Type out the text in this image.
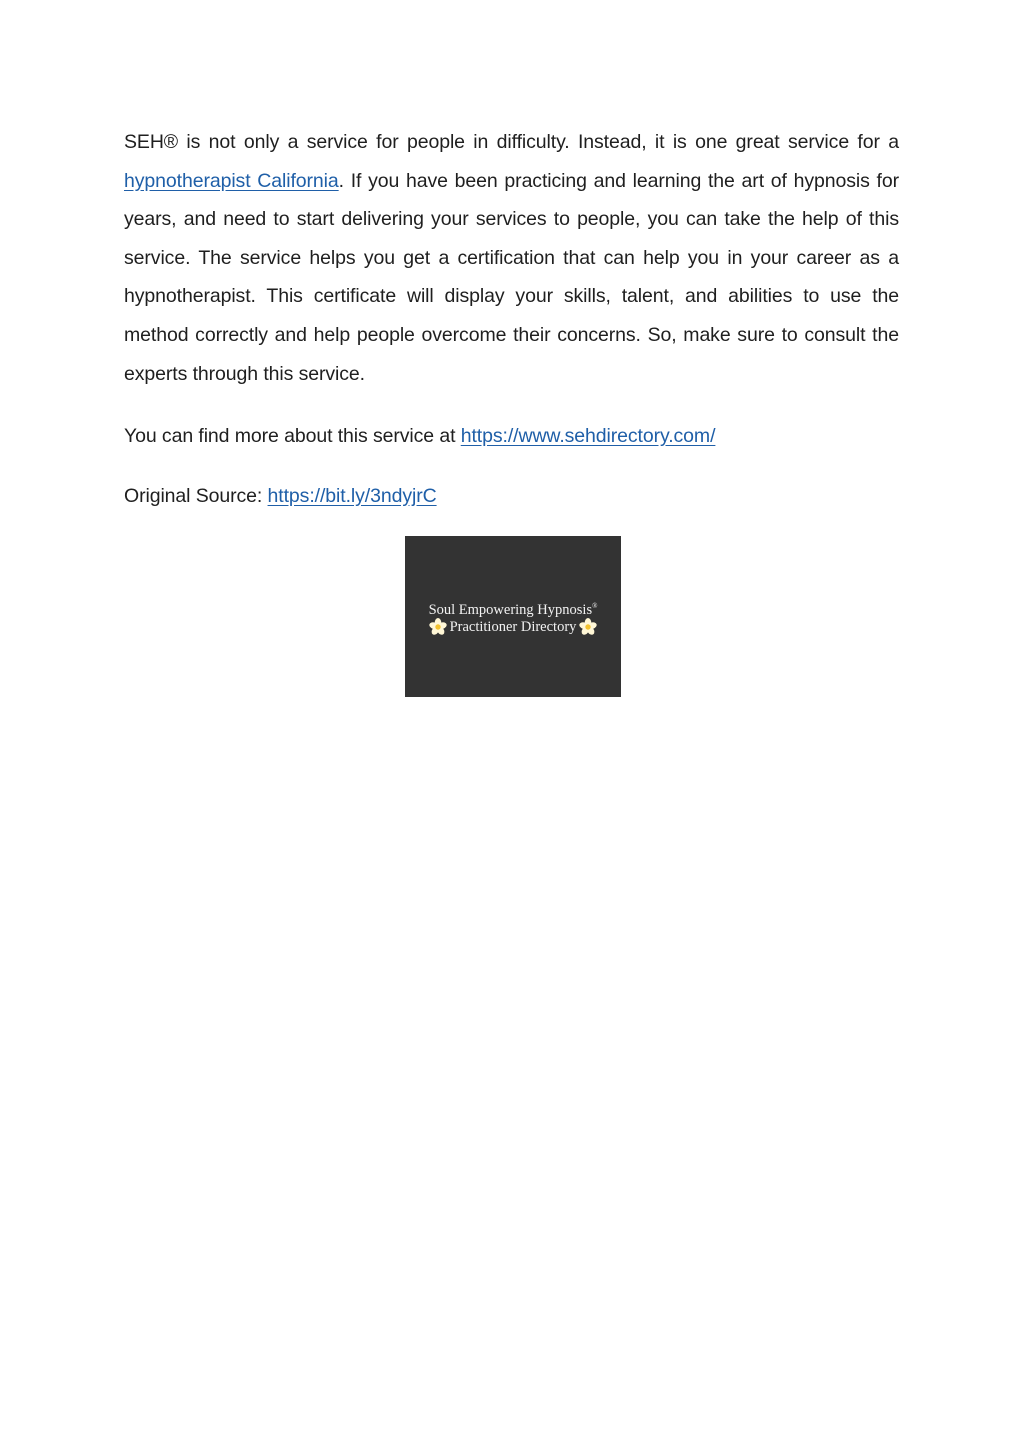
SEH® is not only a service for people in difficulty. Instead, it is one great service for a hypnotherapist California. If you have been practicing and learning the art of hypnosis for years, and need to start delivering your services to people, you can take the help of this service. The service helps you get a certification that can help you in your career as a hypnotherapist. This certificate will display your skills, talent, and abilities to use the method correctly and help people overcome their concerns. So, make sure to consult the experts through this service.

You can find more about this service at https://www.sehdirectory.com/

Original Source: https://bit.ly/3ndyjrC

Soul Empowering Hypnosis®
Practitioner Directory
